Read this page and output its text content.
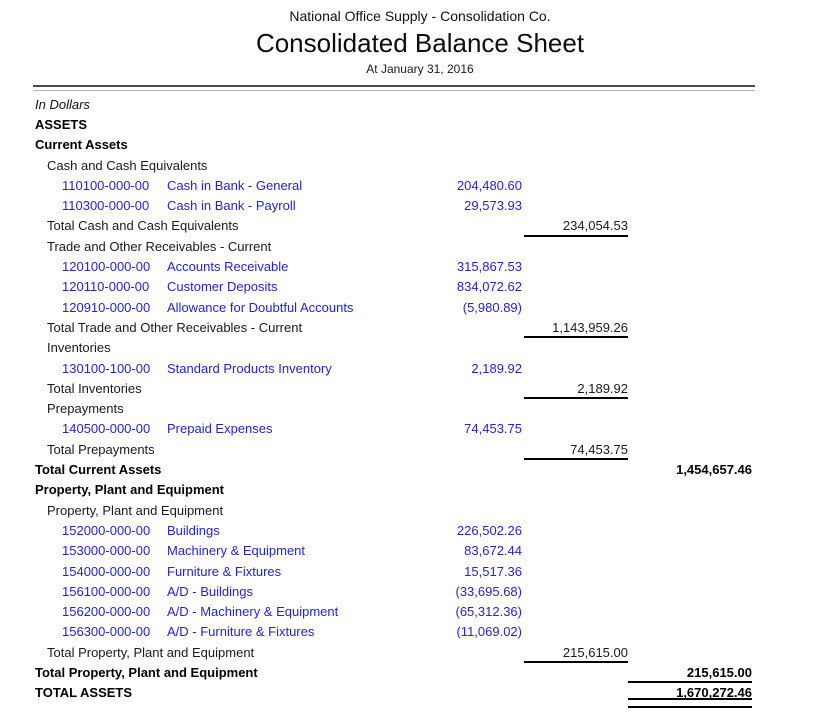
National Office Supply - Consolidation Co.
Consolidated Balance Sheet
At January 31, 2016
In Dollars
ASSETS
Current Assets
Cash and Cash Equivalents
110100-000-00 Cash in Bank - General	204,480.60
110300-000-00 Cash in Bank - Payroll	29,573.93
Total Cash and Cash Equivalents	234,054.53
Trade and Other Receivables - Current
120100-000-00 Accounts Receivable	315,867.53
120110-000-00 Customer Deposits	834,072.62
120910-000-00 Allowance for Doubtful Accounts	(5,980.89)
Total Trade and Other Receivables - Current	1,143,959.26
Inventories
130100-100-00 Standard Products Inventory	2,189.92
Total Inventories	2,189.92
Prepayments
140500-000-00 Prepaid Expenses	74,453.75
Total Prepayments	74,453.75
Total Current Assets	1,454,657.46
Property, Plant and Equipment
Property, Plant and Equipment
152000-000-00 Buildings	226,502.26
153000-000-00 Machinery & Equipment	83,672.44
154000-000-00 Furniture & Fixtures	15,517.36
156100-000-00 A/D - Buildings	(33,695.68)
156200-000-00 A/D - Machinery & Equipment	(65,312.36)
156300-000-00 A/D - Furniture & Fixtures	(11,069.02)
Total Property, Plant and Equipment	215,615.00
Total Property, Plant and Equipment	215,615.00
TOTAL ASSETS	1,670,272.46
